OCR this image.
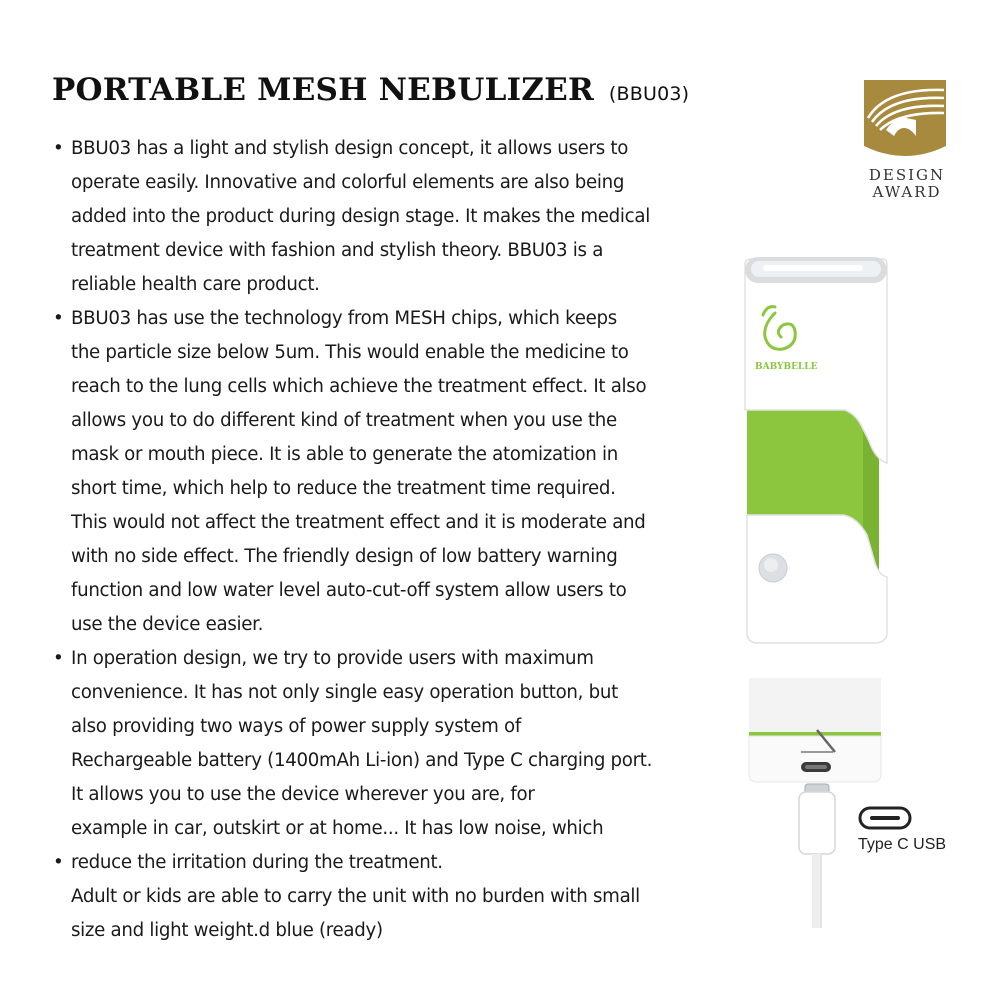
PORTABLE MESH NEBULIZER (BBU03)
• BBU03 has a light and stylish design concept, it allows users to
operate easily. Innovative and colorful elements are also being
added into the product during design stage. It makes the medical
treatment device with fashion and stylish theory. BBU03 is a
reliable health care product.
• BBU03 has use the technology from MESH chips, which keeps
the particle size below 5um. This would enable the medicine to
reach to the lung cells which achieve the treatment effect. It also
allows you to do different kind of treatment when you use the
mask or mouth piece. It is able to generate the atomization in
short time, which help to reduce the treatment time required.
This would not affect the treatment effect and it is moderate and
with no side effect. The friendly design of low battery warning
function and low water level auto-cut-off system allow users to
use the device easier.
• In operation design, we try to provide users with maximum
convenience. It has not only single easy operation button, but
also providing two ways of power supply system of
Rechargeable battery (1400mAh Li-ion) and Type C charging port.
It allows you to use the device wherever you are, for
example in car, outskirt or at home... It has low noise, which
• reduce the irritation during the treatment.
Adult or kids are able to carry the unit with no burden with small
size and light weight.d blue (ready)
DESIGN
AWARD
BABYBELLE
Type C USB
